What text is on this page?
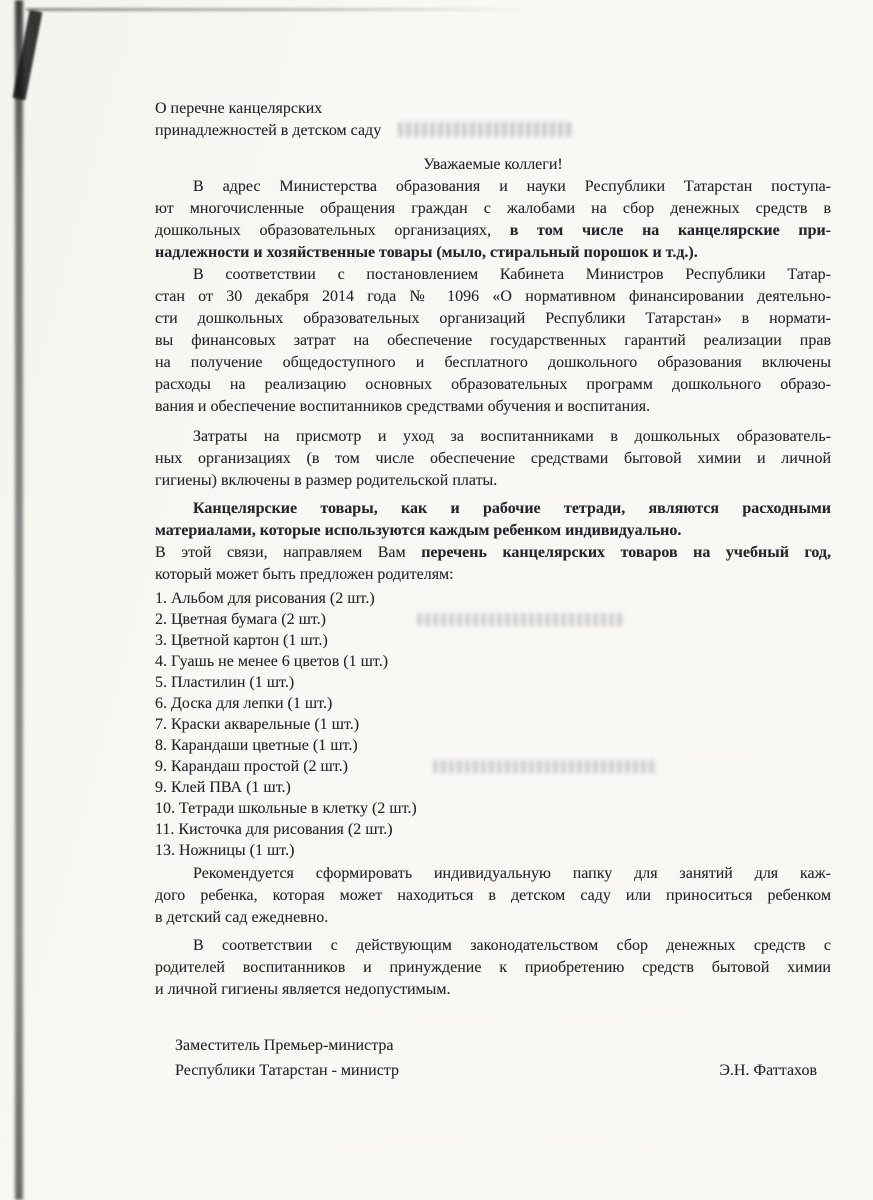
О перечне канцелярских
принадлежностей в детском саду
Уважаемые коллеги!
В адрес Министерства образования и науки Республики Татарстан поступа-
ют многочисленные обращения граждан с жалобами на сбор денежных средств в
дошкольных образовательных организациях, в том числе на канцелярские при-
надлежности и хозяйственные товары (мыло, стиральный порошок и т.д.).
В соответствии с постановлением Кабинета Министров Республики Татар-
стан от 30 декабря 2014 года № 1096 «О нормативном финансировании деятельно-
сти дошкольных образовательных организаций Республики Татарстан» в нормати-
вы финансовых затрат на обеспечение государственных гарантий реализации прав
на получение общедоступного и бесплатного дошкольного образования включены
расходы на реализацию основных образовательных программ дошкольного образо-
вания и обеспечение воспитанников средствами обучения и воспитания.
Затраты на присмотр и уход за воспитанниками в дошкольных образователь-
ных организациях (в том числе обеспечение средствами бытовой химии и личной
гигиены) включены в размер родительской платы.
Канцелярские товары, как и рабочие тетради, являются расходными
материалами, которые используются каждым ребенком индивидуально.
В этой связи, направляем Вам перечень канцелярских товаров на учебный год,
который может быть предложен родителям:
1. Альбом для рисования (2 шт.)
2. Цветная бумага (2 шт.)
3. Цветной картон (1 шт.)
4. Гуашь не менее 6 цветов (1 шт.)
5. Пластилин (1 шт.)
6. Доска для лепки (1 шт.)
7. Краски акварельные (1 шт.)
8. Карандаши цветные (1 шт.)
9. Карандаш простой (2 шт.)
9. Клей ПВА (1 шт.)
10. Тетради школьные в клетку (2 шт.)
11. Кисточка для рисования (2 шт.)
13. Ножницы (1 шт.)
Рекомендуется сформировать индивидуальную папку для занятий для каж-
дого ребенка, которая может находиться в детском саду или приноситься ребенком
в детский сад ежедневно.
В соответствии с действующим законодательством сбор денежных средств с
родителей воспитанников и принуждение к приобретению средств бытовой химии
и личной гигиены является недопустимым.
Заместитель Премьер-министра
Республики Татарстан - министр	Э.Н. Фаттахов
